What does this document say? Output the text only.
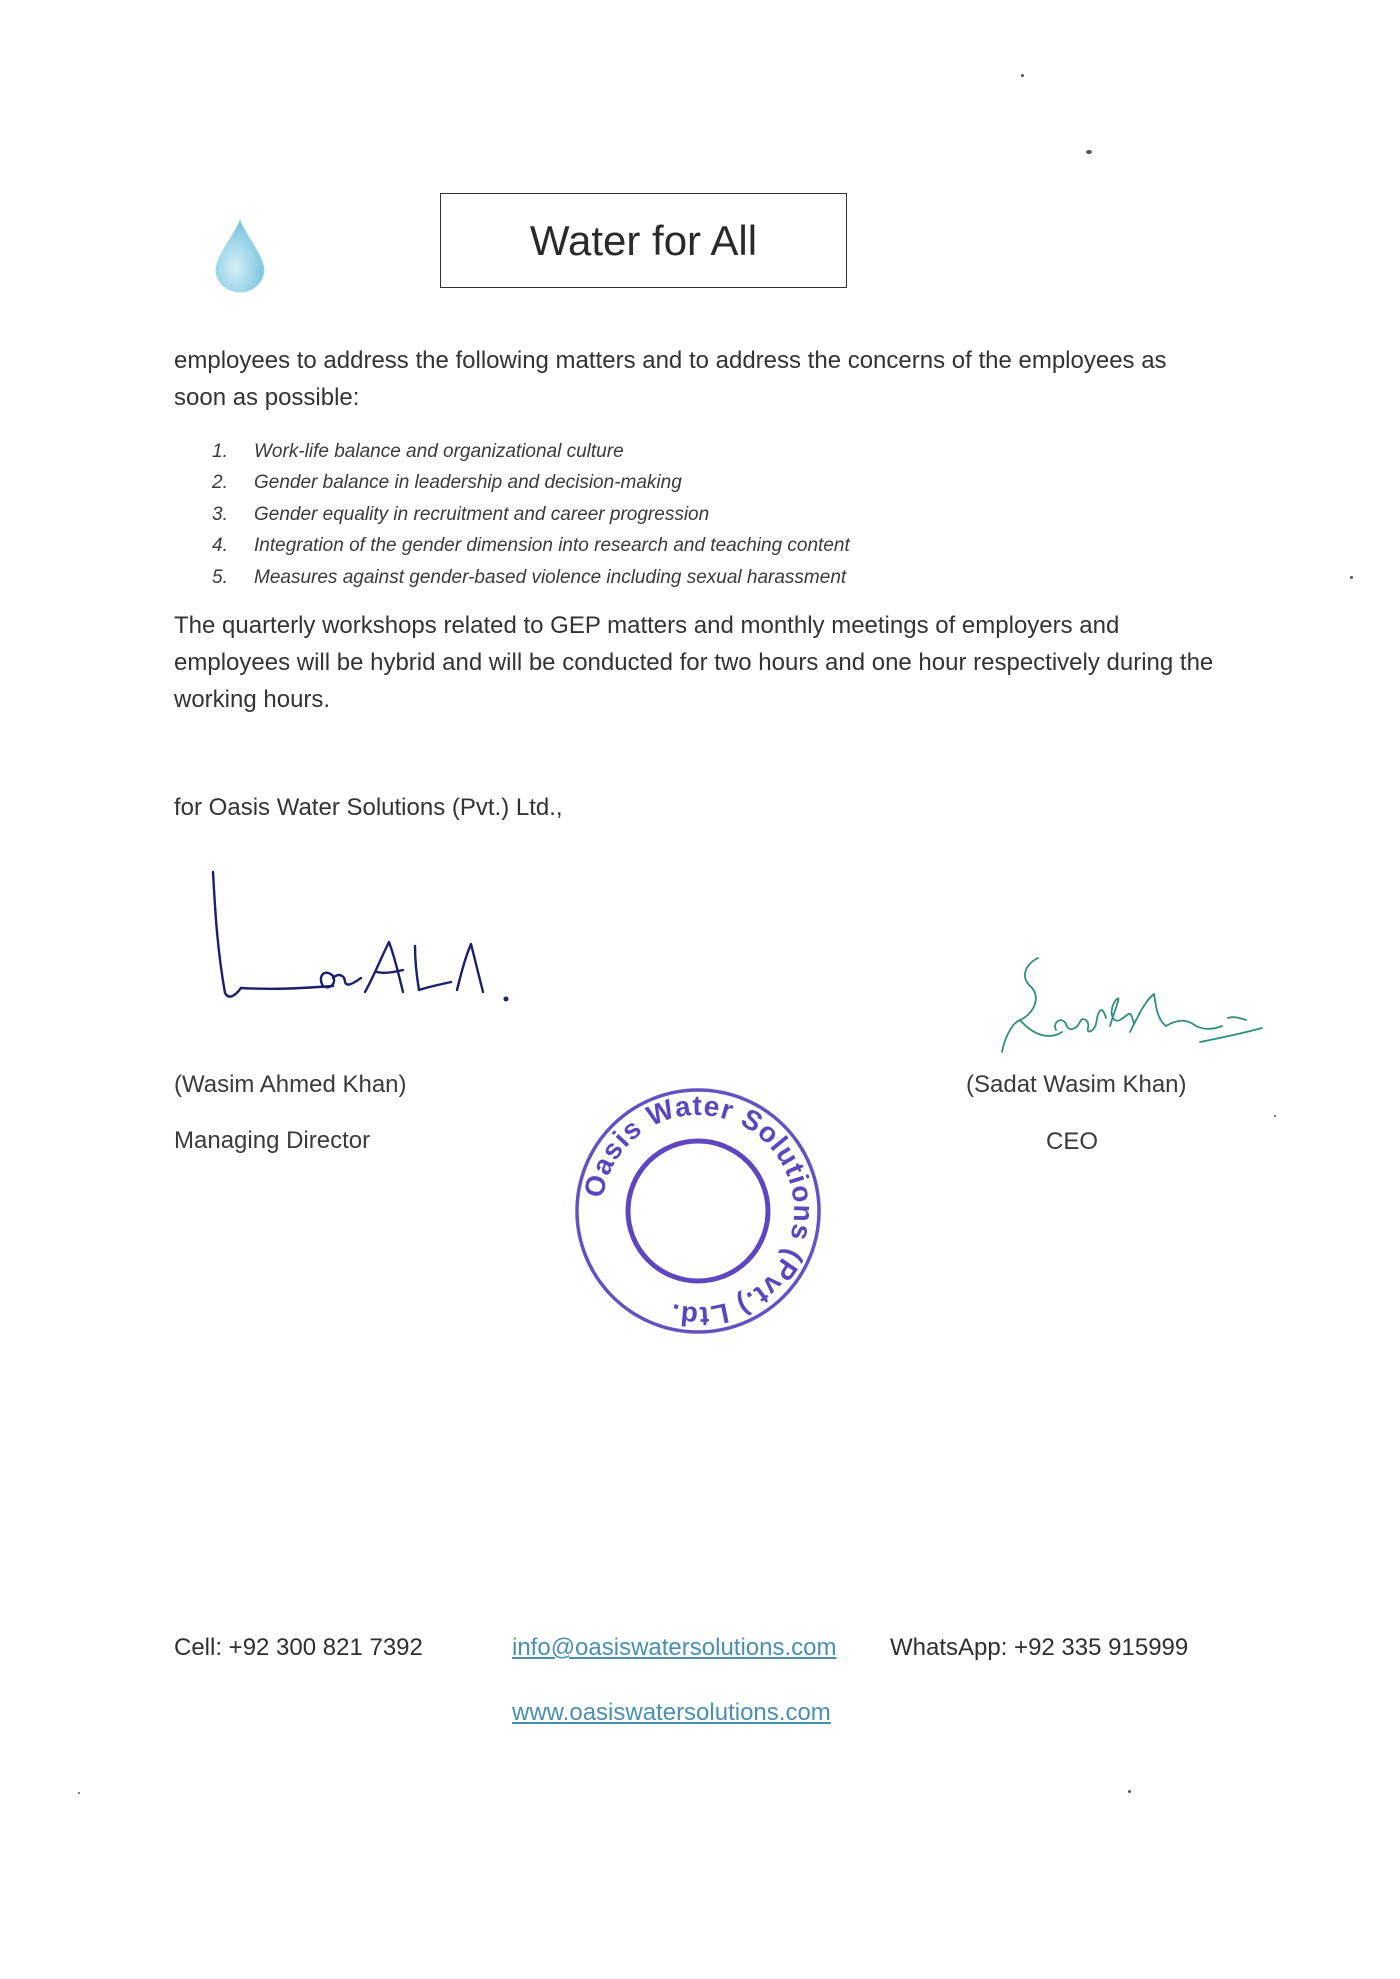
Water for All
employees to address the following matters and to address the concerns of the employees as soon as possible:
1.	Work-life balance and organizational culture
2.	Gender balance in leadership and decision-making
3.	Gender equality in recruitment and career progression
4.	Integration of the gender dimension into research and teaching content
5.	Measures against gender-based violence including sexual harassment
The quarterly workshops related to GEP matters and monthly meetings of employers and employees will be hybrid and will be conducted for two hours and one hour respectively during the working hours.
for Oasis Water Solutions (Pvt.) Ltd.,
(Wasim Ahmed Khan)
Managing Director
(Sadat Wasim Khan)
CEO
Oasis Water Solutions (Pvt.) Ltd.
Cell: +92 300 821 7392	info@oasiswatersolutions.com WhatsApp: +92 335 915999
www.oasiswatersolutions.com
